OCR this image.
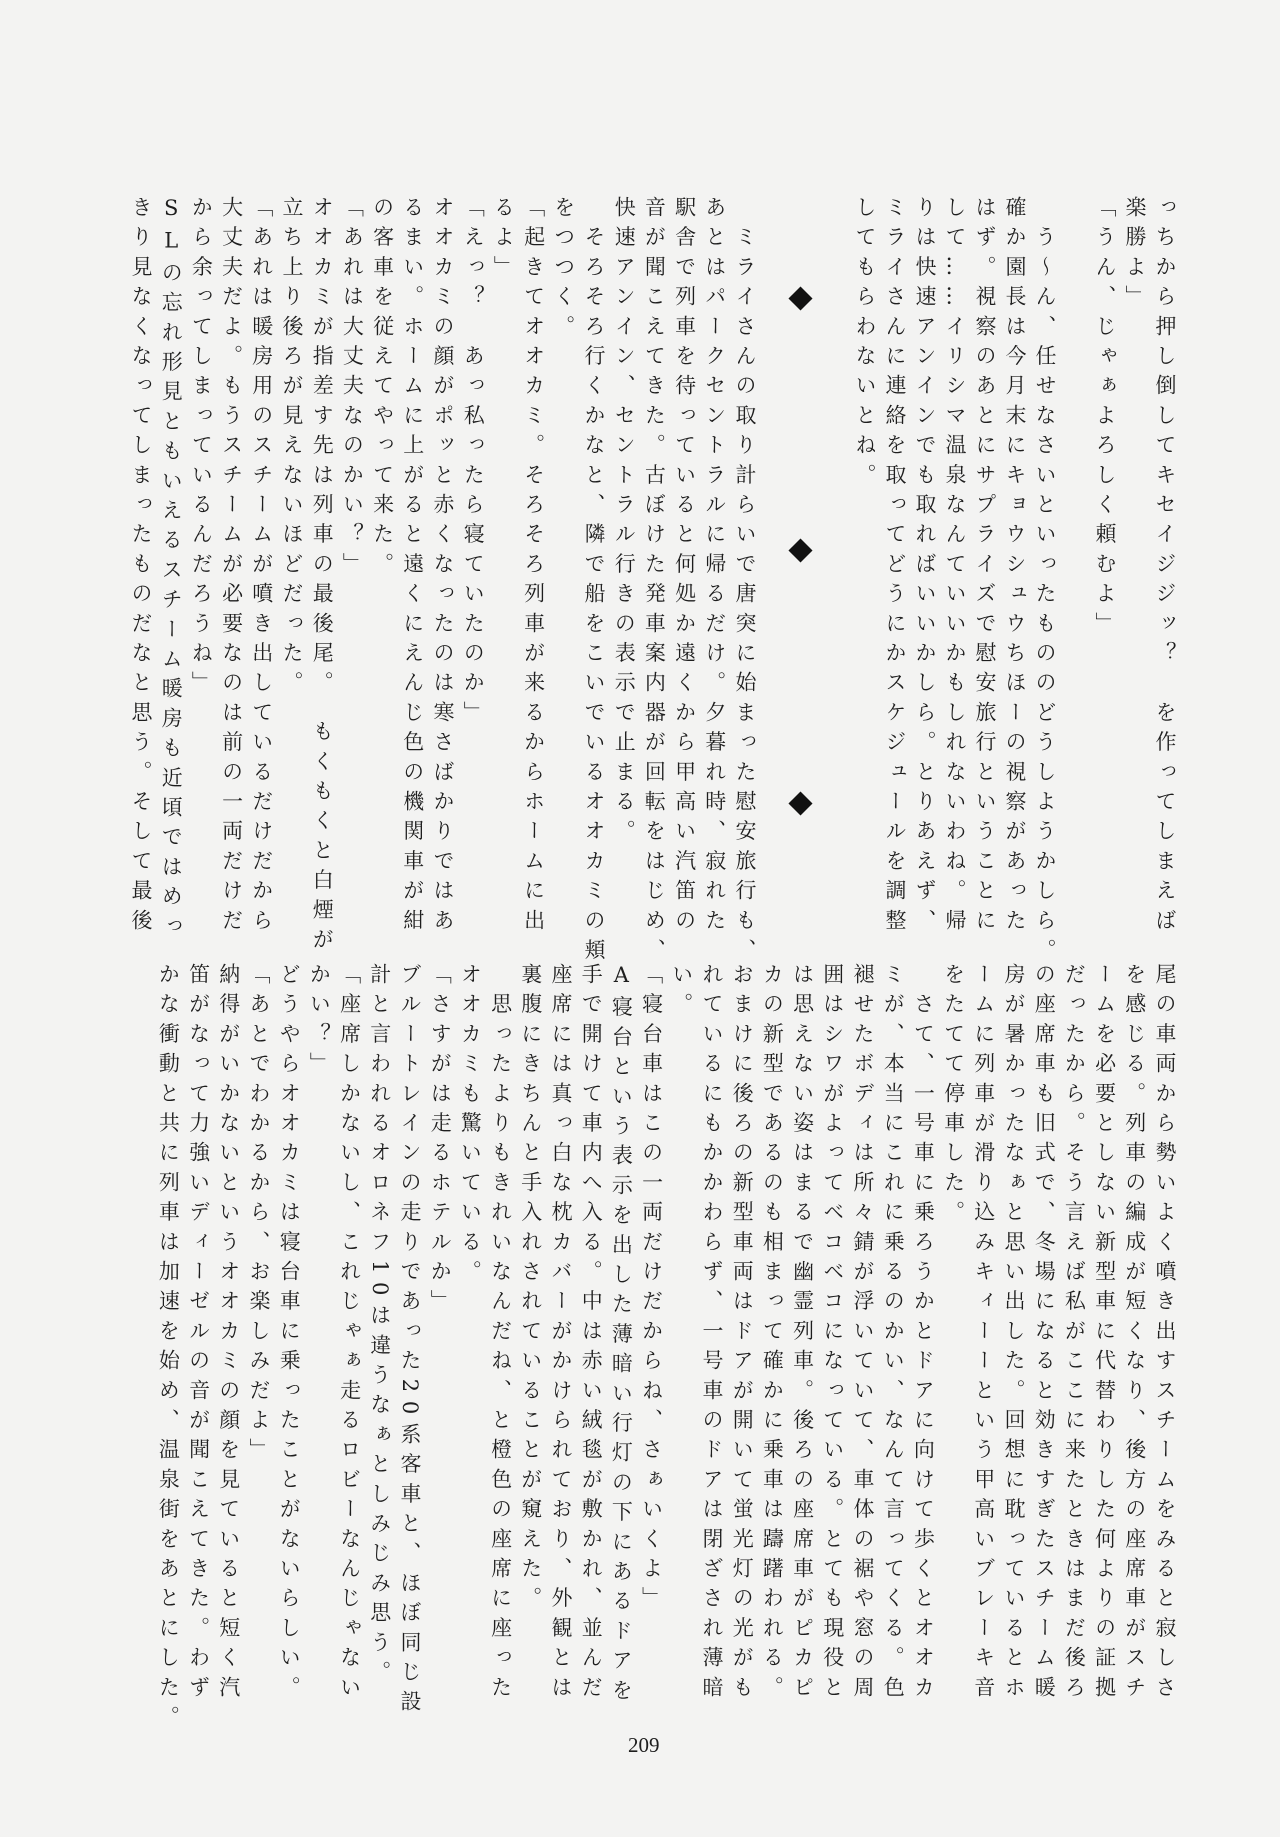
っちから押し倒してキセイジジッ？　を作ってしまえば
楽勝よ」
「うん、じゃぁよろしく頼むよ」
　う〜ん、任せなさいといったもののどうしようかしら。
確か園長は今月末にキョウシュウちほーの視察があった
はず。視察のあとにサプライズで慰安旅行ということに
して……イリシマ温泉なんていいかもしれないわね。帰
りは快速アンインでも取ればいいかしら。とりあえず、
ミライさんに連絡を取ってどうにかスケジュールを調整
してもらわないとね。
　ミライさんの取り計らいで唐突に始まった慰安旅行も、
あとはパークセントラルに帰るだけ。夕暮れ時、寂れた
駅舎で列車を待っていると何処か遠くから甲高い汽笛の
音が聞こえてきた。古ぼけた発車案内器が回転をはじめ、
快速アンイン、セントラル行きの表示で止まる。
　そろそろ行くかなと、隣で船をこいでいるオオカミの頬
をつつく。
「起きてオオカミ。そろそろ列車が来るからホームに出
るよ」
「えっ？　あっ私ったら寝ていたのか」
オオカミの顔がポッと赤くなったのは寒さばかりではあ
るまい。ホームに上がると遠くにえんじ色の機関車が紺
の客車を従えてやって来た。
「あれは大丈夫なのかい？」
オオカミが指差す先は列車の最後尾。　もくもくと白煙が
立ち上り後ろが見えないほどだった。
「あれは暖房用のスチームが噴き出しているだけだから
大丈夫だよ。もうスチームが必要なのは前の一両だけだ
から余ってしまっているんだろうね」
SLの忘れ形見ともいえるスチーム暖房も近頃ではめっ
きり見なくなってしまったものだなと思う。そして最後
尾の車両から勢いよく噴き出すスチームをみると寂しさ
を感じる。列車の編成が短くなり、後方の座席車がスチ
ームを必要としない新型車に代替わりした何よりの証拠
だったから。そう言えば私がここに来たときはまだ後ろ
の座席車も旧式で、冬場になると効きすぎたスチーム暖
房が暑かったなぁと思い出した。回想に耽っているとホ
ームに列車が滑り込みキィーーという甲高いブレーキ音
をたてて停車した。
　さて、一号車に乗ろうかとドアに向けて歩くとオオカ
ミが、本当にこれに乗るのかい、なんて言ってくる。色
褪せたボディは所々錆が浮いていて、車体の裾や窓の周
囲はシワがよってベコベコになっている。とても現役と
は思えない姿はまるで幽霊列車。後ろの座席車がピカピ
カの新型であるのも相まって確かに乗車は躊躇われる。
おまけに後ろの新型車両はドアが開いて蛍光灯の光がも
れているにもかかわらず、一号車のドアは閉ざされ薄暗
い。
「寝台車はこの一両だけだからね、さぁいくよ」
A寝台という表示を出した薄暗い行灯の下にあるドアを
手で開けて車内へ入る。中は赤い絨毯が敷かれ、並んだ
座席には真っ白な枕カバーがかけられており、外観とは
裏腹にきちんと手入れされていることが窺えた。
　思ったよりもきれいなんだね、と橙色の座席に座った
オオカミも驚いている。
「さすがは走るホテルか」
ブルートレインの走りであった20系客車と、ほぼ同じ設
計と言われるオロネフ10は違うなぁとしみじみ思う。
「座席しかないし、これじゃぁ走るロビーなんじゃない
かい？」
どうやらオオカミは寝台車に乗ったことがないらしい。
「あとでわかるから、お楽しみだよ」
納得がいかないというオオカミの顔を見ていると短く汽
笛がなって力強いディーゼルの音が聞こえてきた。わず
かな衝動と共に列車は加速を始め、温泉街をあとにした。
209
